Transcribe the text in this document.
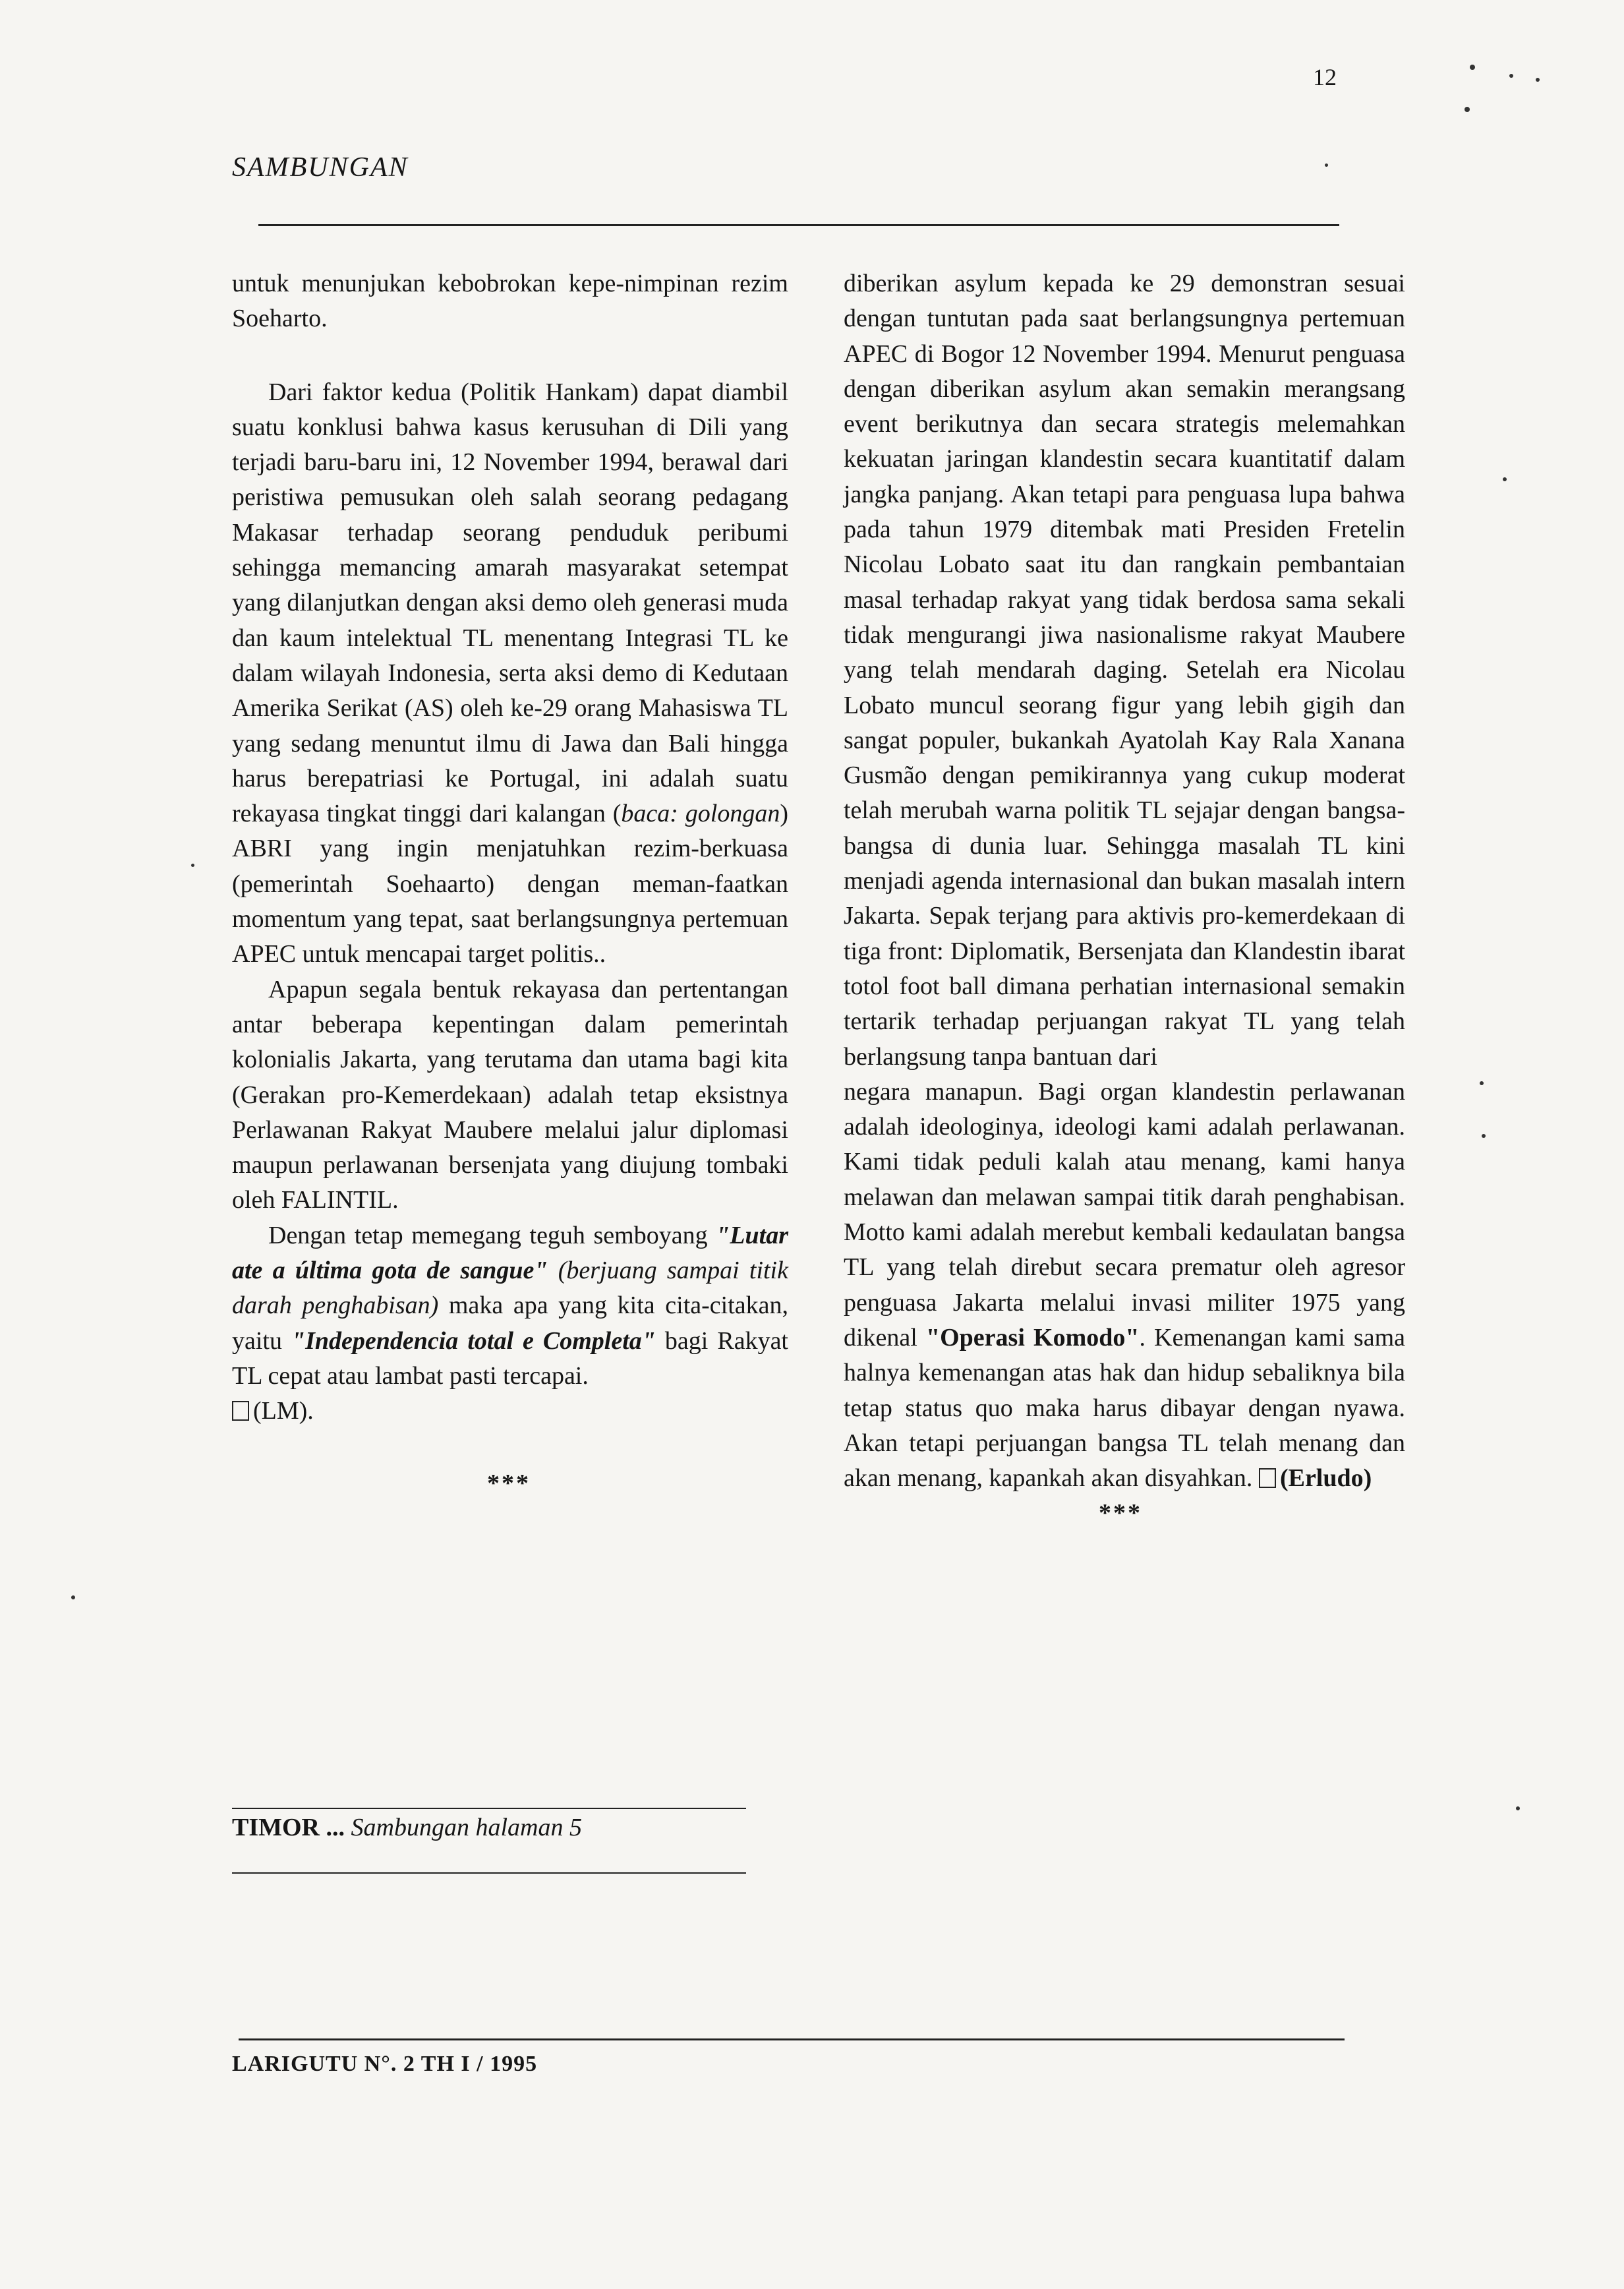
12
SAMBUNGAN

untuk menunjukan kebobrokan kepe-nimpinan rezim Soeharto.

Dari faktor kedua (Politik Hankam) dapat diambil suatu konklusi bahwa kasus kerusuhan di Dili yang terjadi baru-baru ini, 12 November 1994, berawal dari peristiwa pemusukan oleh salah seorang pedagang Makasar terhadap seorang penduduk peribumi sehingga memancing amarah masyarakat setempat yang dilanjutkan dengan aksi demo oleh generasi muda dan kaum intelektual TL menentang Integrasi TL ke dalam wilayah Indonesia, serta aksi demo di Kedutaan Amerika Serikat (AS) oleh ke-29 orang Mahasiswa TL yang sedang menuntut ilmu di Jawa dan Bali hingga harus berepatriasi ke Portugal, ini adalah suatu rekayasa tingkat tinggi dari kalangan (baca: golongan) ABRI yang ingin menjatuhkan rezim-berkuasa (pemerintah Soehaarto) dengan meman-faatkan momentum yang tepat, saat berlangsungnya pertemuan APEC untuk mencapai target politis..

Apapun segala bentuk rekayasa dan pertentangan antar beberapa kepentingan dalam pemerintah kolonialis Jakarta, yang terutama dan utama bagi kita (Gerakan pro-Kemerdekaan) adalah tetap eksistnya Perlawanan Rakyat Maubere melalui jalur diplomasi maupun perlawanan bersenjata yang diujung tombaki oleh FALINTIL.

Dengan tetap memegang teguh semboyang "Lutar ate a última gota de sangue" (berjuang sampai titik darah penghabisan) maka apa yang kita cita-citakan, yaitu "Independencia total e Completa" bagi Rakyat TL cepat atau lambat pasti tercapai.
(LM).

***
TIMOR ... Sambungan halaman 5

diberikan asylum kepada ke 29 demonstran sesuai dengan tuntutan pada saat berlangsungnya pertemuan APEC di Bogor 12 November 1994. Menurut penguasa dengan diberikan asylum akan semakin merangsang event berikutnya dan secara strategis melemahkan kekuatan jaringan klandestin secara kuantitatif dalam jangka panjang. Akan tetapi para penguasa lupa bahwa pada tahun 1979 ditembak mati Presiden Fretelin Nicolau Lobato saat itu dan rangkain pembantaian masal terhadap rakyat yang tidak berdosa sama sekali tidak mengurangi jiwa nasionalisme rakyat Maubere yang telah mendarah daging. Setelah era Nicolau Lobato muncul seorang figur yang lebih gigih dan sangat populer, bukankah Ayatolah Kay Rala Xanana Gusmão dengan pemikirannya yang cukup moderat telah merubah warna politik TL sejajar dengan bangsa-bangsa di dunia luar. Sehingga masalah TL kini menjadi agenda internasional dan bukan masalah intern Jakarta. Sepak terjang para aktivis pro-kemerdekaan di tiga front: Diplomatik, Bersenjata dan Klandestin ibarat totol foot ball dimana perhatian internasional semakin tertarik terhadap perjuangan rakyat TL yang telah berlangsung tanpa bantuan dari

negara manapun. Bagi organ klandestin perlawanan adalah ideologinya, ideologi kami adalah perlawanan. Kami tidak peduli kalah atau menang, kami hanya melawan dan melawan sampai titik darah penghabisan. Motto kami adalah merebut kembali kedaulatan bangsa TL yang telah direbut secara prematur oleh agresor penguasa Jakarta melalui invasi militer 1975 yang dikenal "Operasi Komodo". Kemenangan kami sama halnya kemenangan atas hak dan hidup sebaliknya bila tetap status quo maka harus dibayar dengan nyawa. Akan tetapi perjuangan bangsa TL telah menang dan akan menang, kapankah akan disyahkan. (Erludo)

***
LARIGUTU N°. 2 TH I / 1995
